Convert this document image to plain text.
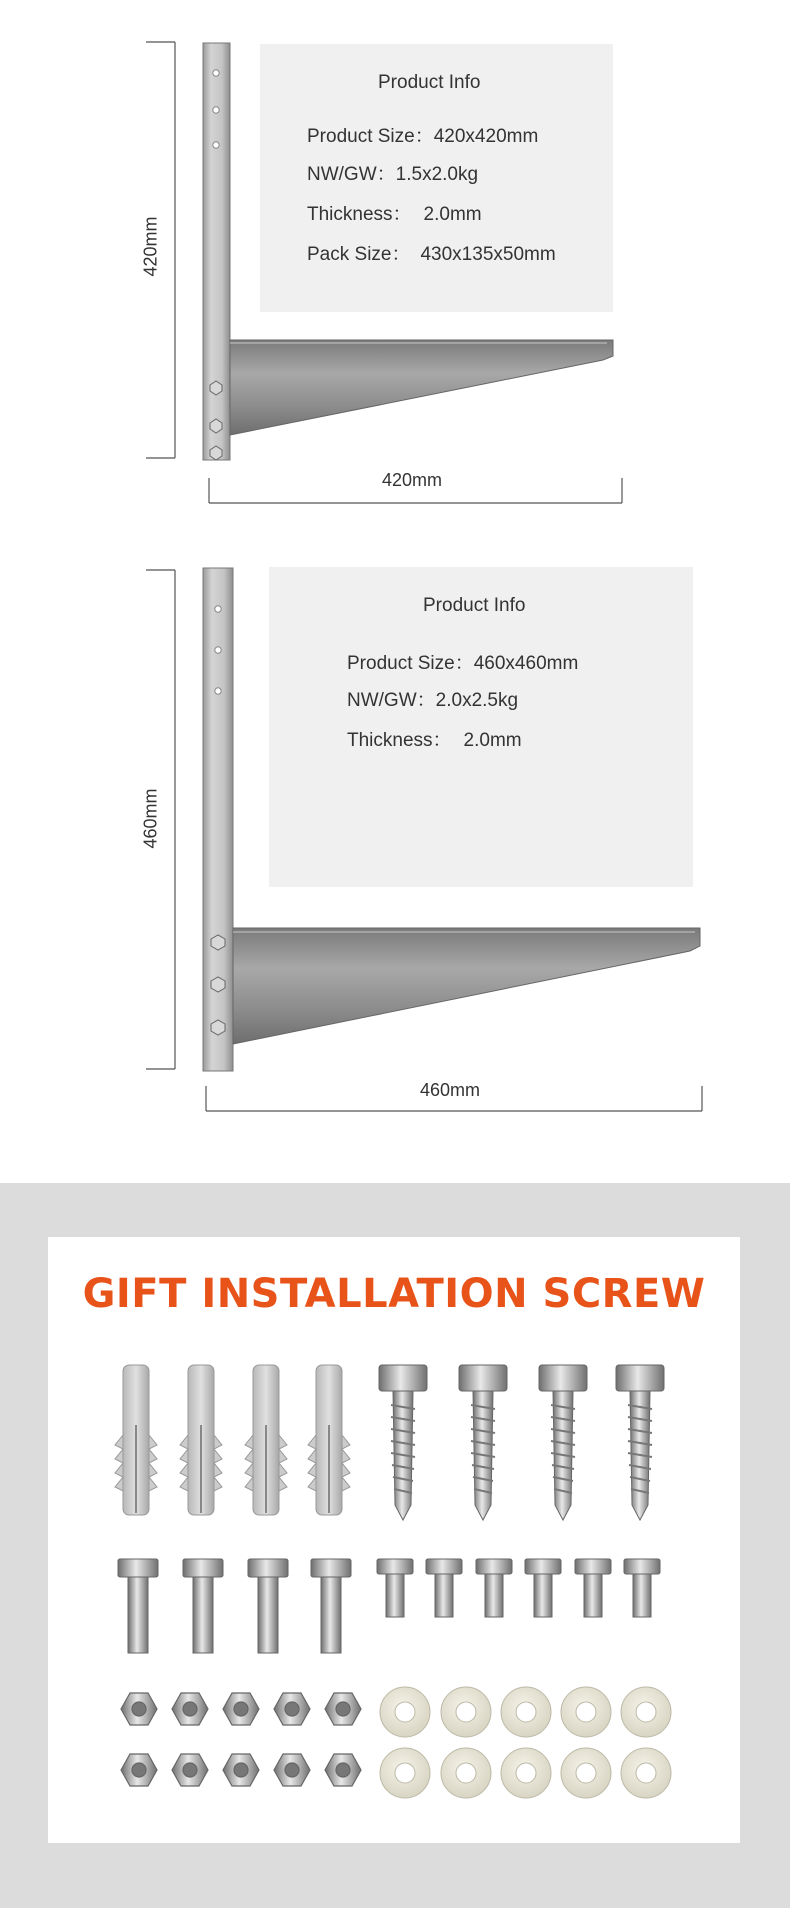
420mm
Product Info
Product Size：420x420mm
NW/GW：1.5x2.0kg
Thickness： 2.0mm
Pack Size： 430x135x50mm
420mm
460mm
Product Info
Product Size：460x460mm
NW/GW：2.0x2.5kg
Thickness： 2.0mm
460mm
GIFT INSTALLATION SCREW
